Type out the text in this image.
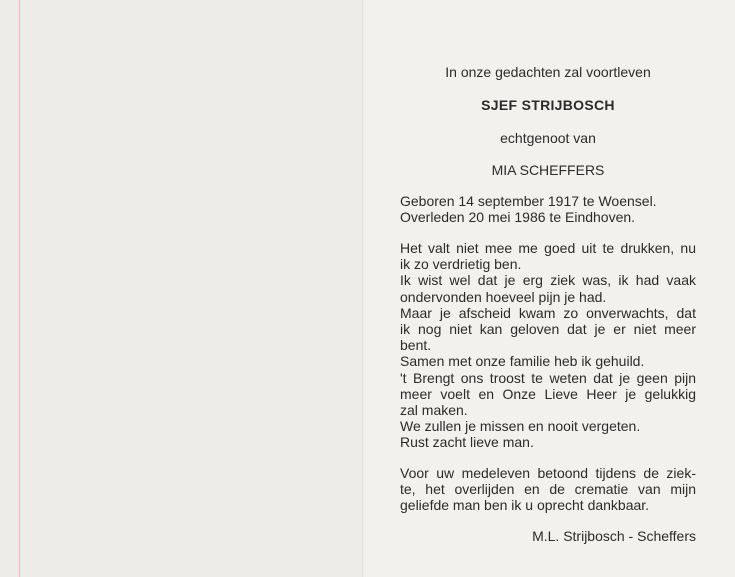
In onze gedachten zal voortleven
SJEF STRIJBOSCH
echtgenoot van
MIA SCHEFFERS
Geboren 14 september 1917 te Woensel.
Overleden 20 mei 1986 te Eindhoven.
Het valt niet mee me goed uit te drukken, nu
ik zo verdrietig ben.
Ik wist wel dat je erg ziek was, ik had vaak
ondervonden hoeveel pijn je had.
Maar je afscheid kwam zo onverwachts, dat
ik nog niet kan geloven dat je er niet meer
bent.
Samen met onze familie heb ik gehuild.
't Brengt ons troost te weten dat je geen pijn
meer voelt en Onze Lieve Heer je gelukkig
zal maken.
We zullen je missen en nooit vergeten.
Rust zacht lieve man.
Voor uw medeleven betoond tijdens de ziek-
te, het overlijden en de crematie van mijn
geliefde man ben ik u oprecht dankbaar.
M.L. Strijbosch - Scheffers
